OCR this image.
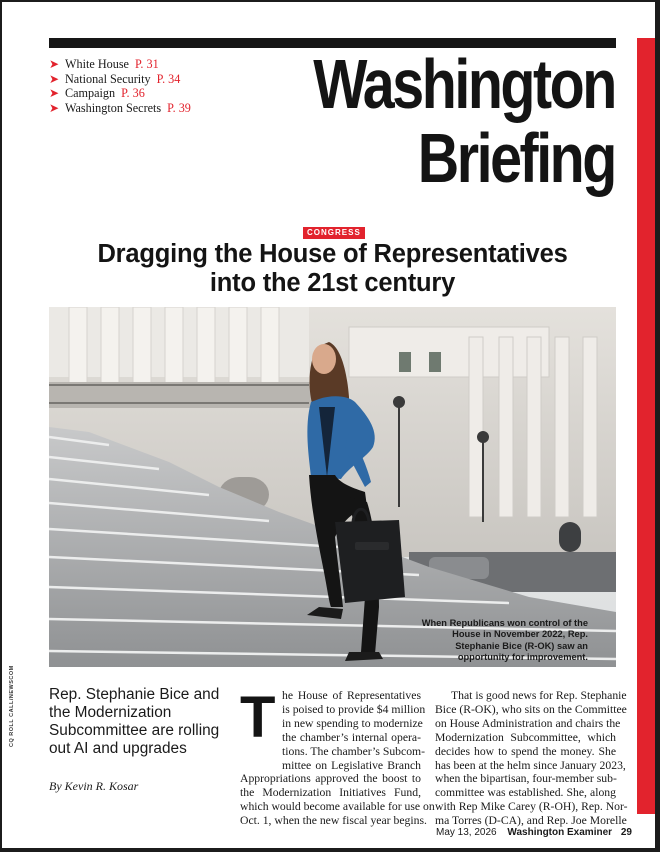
➤ White House P. 31
➤ National Security P. 34
➤ Campaign P. 36
➤ Washington Secrets P. 39 Washington
Briefing
CONGRESS
Dragging the House of Representatives
into the 21st century
When Republicans won control of the House in November 2022, Rep. Stephanie Bice (R-OK) saw an opportunity for improvement.
CQ ROLL CALL/NEWSCOM Rep. Stephanie Bice and the Modernization Subcommittee are rolling out AI and upgrades
By Kevin R. Kosar
T he House of Representatives
is poised to provide $4 million
in new spending to modernize
the chamber’s internal opera-
tions. The chamber’s Subcom-
mittee on Legislative Branch
Appropriations approved the boost to
the Modernization Initiatives Fund,
which would become available for use on
Oct. 1, when the new fiscal year begins.
That is good news for Rep. Stephanie
Bice (R-OK), who sits on the Committee
on House Administration and chairs the
Modernization Subcommittee, which
decides how to spend the money. She
has been at the helm since January 2023,
when the bipartisan, four-member sub-
committee was established. She, along
with Rep Mike Carey (R-OH), Rep. Nor-
ma Torres (D-CA), and Rep. Joe Morelle
May 13, 2026 Washington Examiner 29
